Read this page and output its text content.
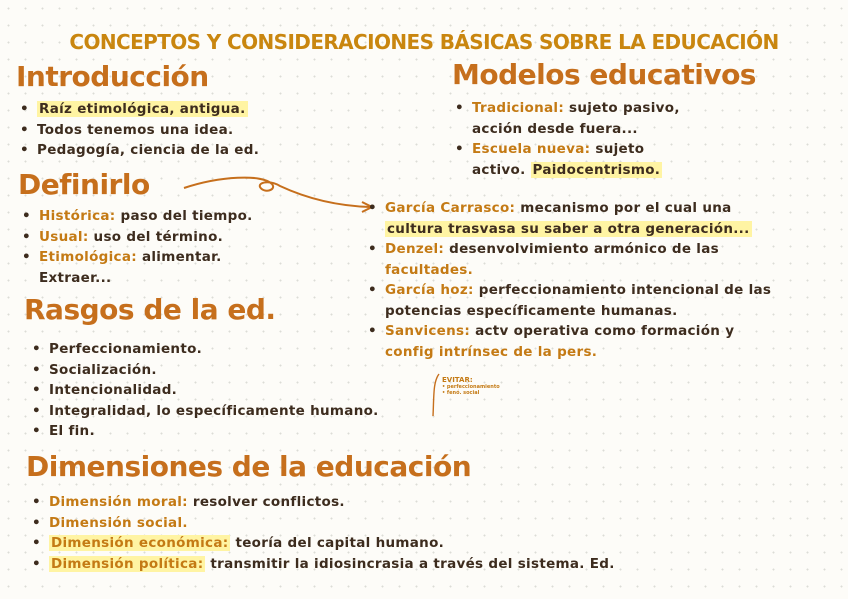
CONCEPTOS Y CONSIDERACIONES BÁSICAS SOBRE LA EDUCACIÓN
Introducción
• Raíz etimológica, antigua.
• Todos tenemos una idea.
• Pedagogía, ciencia de la ed.
Modelos educativos
• Tradicional: sujeto pasivo,
acción desde fuera...
• Escuela nueva: sujeto
activo. Paidocentrismo.
Definirlo
• Histórica: paso del tiempo.
• Usual: uso del término.
• Etimológica: alimentar.
Extraer...
• García Carrasco: mecanismo por el cual una
cultura trasvasa su saber a otra generación...
• Denzel: desenvolvimiento armónico de las
facultades.
• García hoz: perfeccionamiento intencional de las
potencias específicamente humanas.
• Sanvicens: actv operativa como formación y
config intrínsec de la pers.
Rasgos de la ed.
• Perfeccionamiento.
• Socialización.
• Intencionalidad.
• Integralidad, lo específicamente humano.
• El fin.
EVITAR:
• perfeccionamiento
• fenó. social
Dimensiones de la educación
• Dimensión moral: resolver conflictos.
• Dimensión social.
• Dimensión económica: teoría del capital humano.
• Dimensión política: transmitir la idiosincrasia a través del sistema. Ed.
